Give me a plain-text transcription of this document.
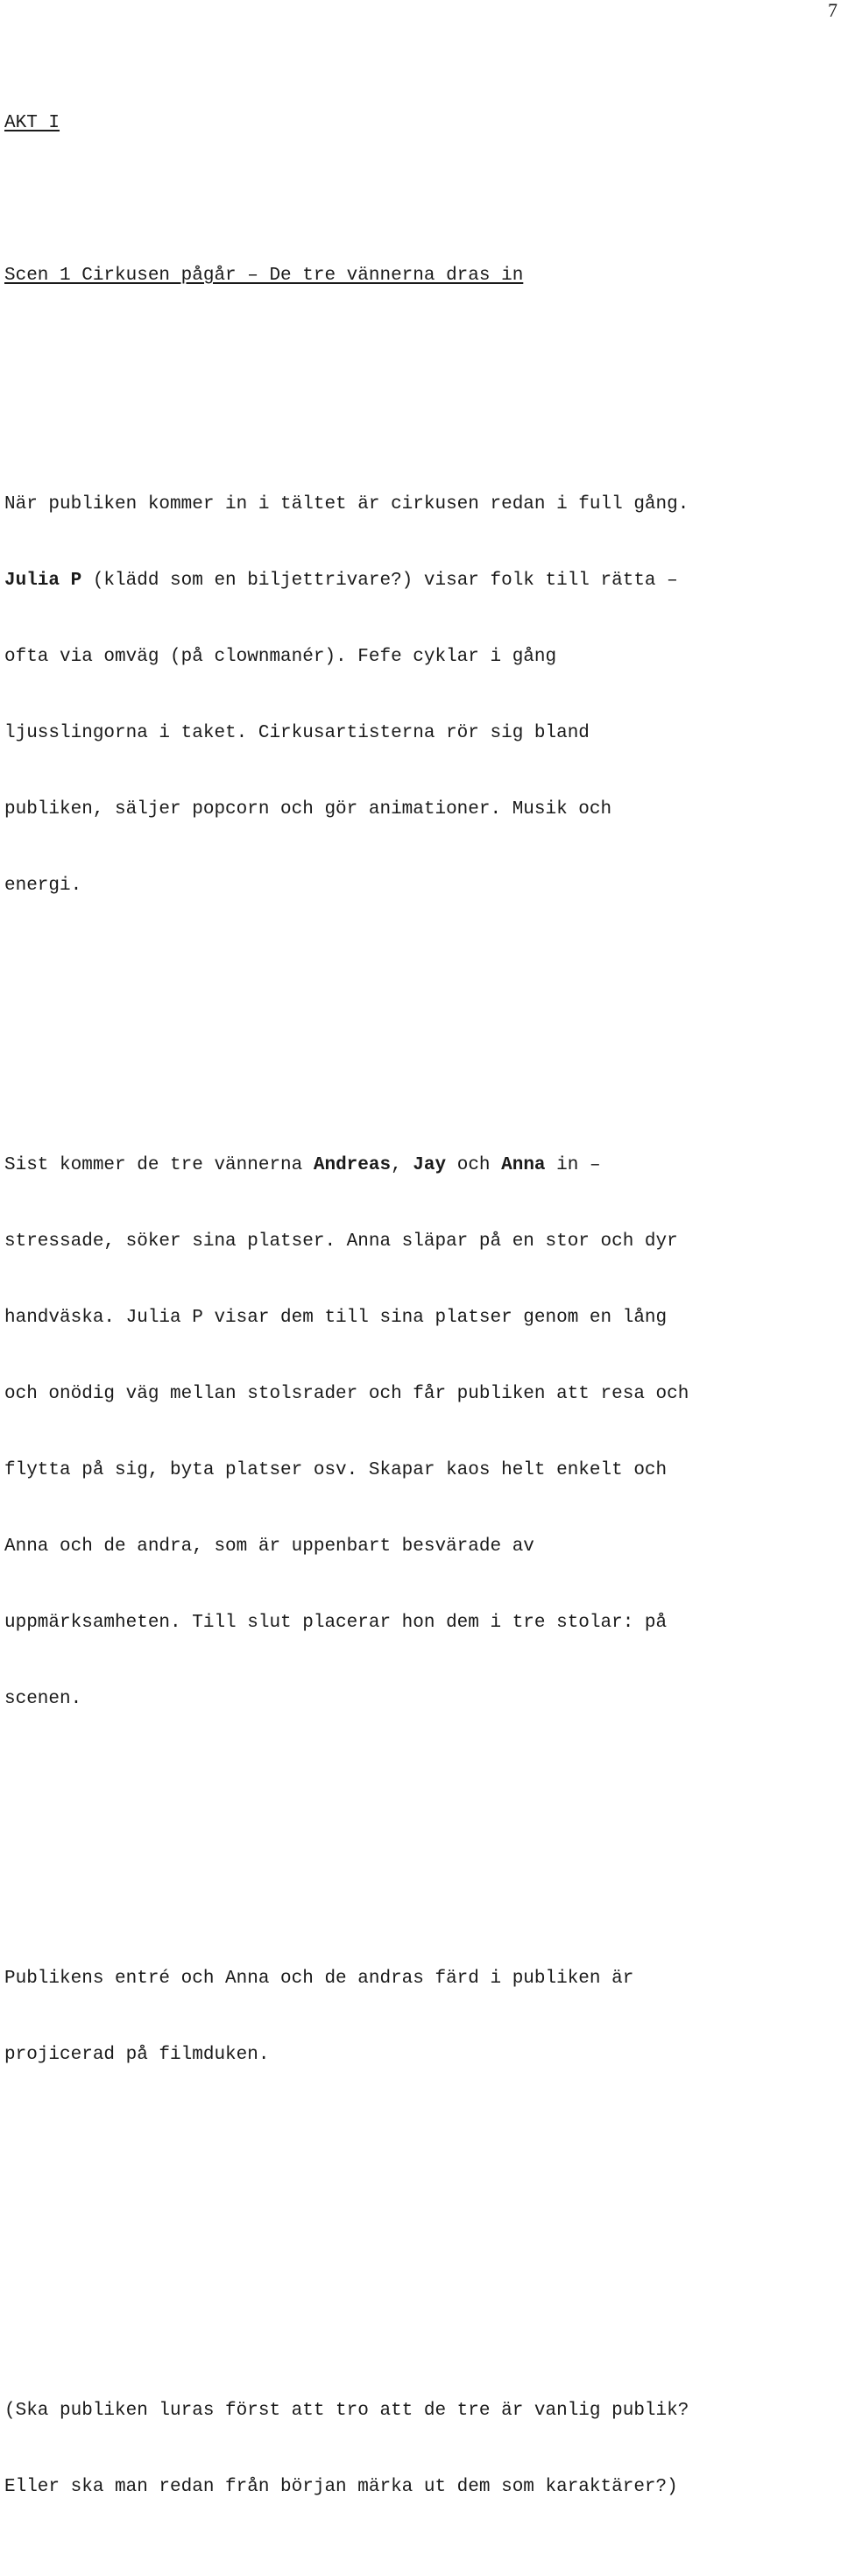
7

AKT I

Scen 1 Cirkusen pågår – De tre vännerna dras in

När publiken kommer in i tältet är cirkusen redan i full gång.

Julia P (klädd som en biljettrivare?) visar folk till rätta –

ofta via omväg (på clownmanér). Fefe cyklar i gång

ljusslingorna i taket. Cirkusartisterna rör sig bland

publiken, säljer popcorn och gör animationer. Musik och

energi.

Sist kommer de tre vännerna Andreas, Jay och Anna in –

stressade, söker sina platser. Anna släpar på en stor och dyr

handväska. Julia P visar dem till sina platser genom en lång

och onödig väg mellan stolsrader och får publiken att resa och

flytta på sig, byta platser osv. Skapar kaos helt enkelt och

Anna och de andra, som är uppenbart besvärade av

uppmärksamheten. Till slut placerar hon dem i tre stolar: på

scenen.

Publikens entré och Anna och de andras färd i publiken är

projicerad på filmduken.

(Ska publiken luras först att tro att de tre är vanlig publik?

Eller ska man redan från början märka ut dem som karaktärer?)
